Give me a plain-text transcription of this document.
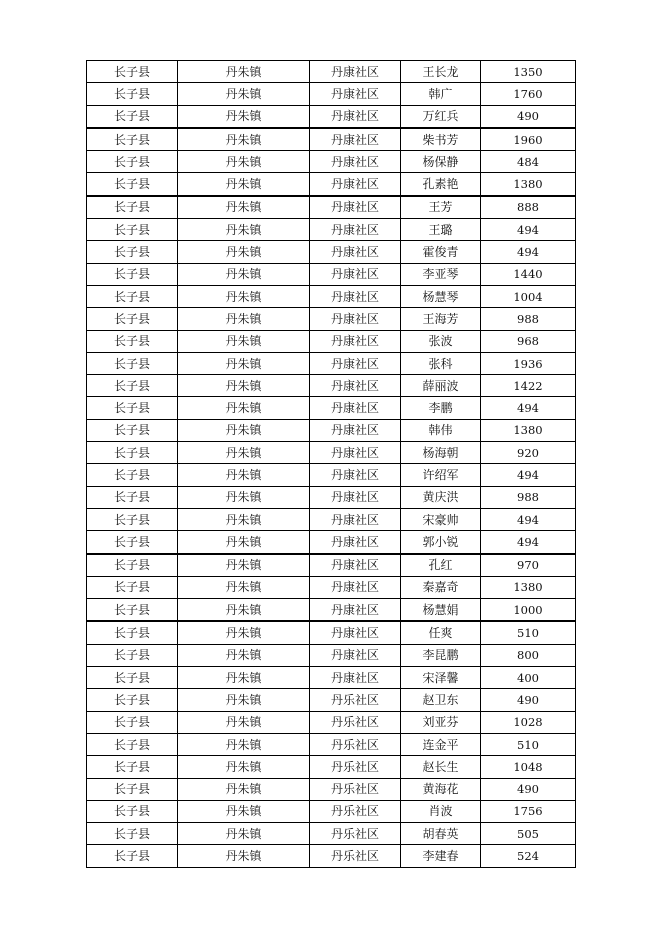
长子县	丹朱镇	丹康社区	王长龙	1350
长子县	丹朱镇	丹康社区	韩广	1760
长子县	丹朱镇	丹康社区	万红兵	490
长子县	丹朱镇	丹康社区	柴书芳	1960
长子县	丹朱镇	丹康社区	杨保静	484
长子县	丹朱镇	丹康社区	孔素艳	1380
长子县	丹朱镇	丹康社区	王芳	888
长子县	丹朱镇	丹康社区	王璐	494
长子县	丹朱镇	丹康社区	霍俊青	494
长子县	丹朱镇	丹康社区	李亚琴	1440
长子县	丹朱镇	丹康社区	杨慧琴	1004
长子县	丹朱镇	丹康社区	王海芳	988
长子县	丹朱镇	丹康社区	张波	968
长子县	丹朱镇	丹康社区	张科	1936
长子县	丹朱镇	丹康社区	薛丽波	1422
长子县	丹朱镇	丹康社区	李鹏	494
长子县	丹朱镇	丹康社区	韩伟	1380
长子县	丹朱镇	丹康社区	杨海朝	920
长子县	丹朱镇	丹康社区	许绍军	494
长子县	丹朱镇	丹康社区	黄庆洪	988
长子县	丹朱镇	丹康社区	宋豪帅	494
长子县	丹朱镇	丹康社区	郭小锐	494
长子县	丹朱镇	丹康社区	孔红	970
长子县	丹朱镇	丹康社区	秦嘉奇	1380
长子县	丹朱镇	丹康社区	杨慧娟	1000
长子县	丹朱镇	丹康社区	任爽	510
长子县	丹朱镇	丹康社区	李昆鹏	800
长子县	丹朱镇	丹康社区	宋泽馨	400
长子县	丹朱镇	丹乐社区	赵卫东	490
长子县	丹朱镇	丹乐社区	刘亚芬	1028
长子县	丹朱镇	丹乐社区	连金平	510
长子县	丹朱镇	丹乐社区	赵长生	1048
长子县	丹朱镇	丹乐社区	黄海花	490
长子县	丹朱镇	丹乐社区	肖波	1756
长子县	丹朱镇	丹乐社区	胡春英	505
长子县	丹朱镇	丹乐社区	李建春	524
